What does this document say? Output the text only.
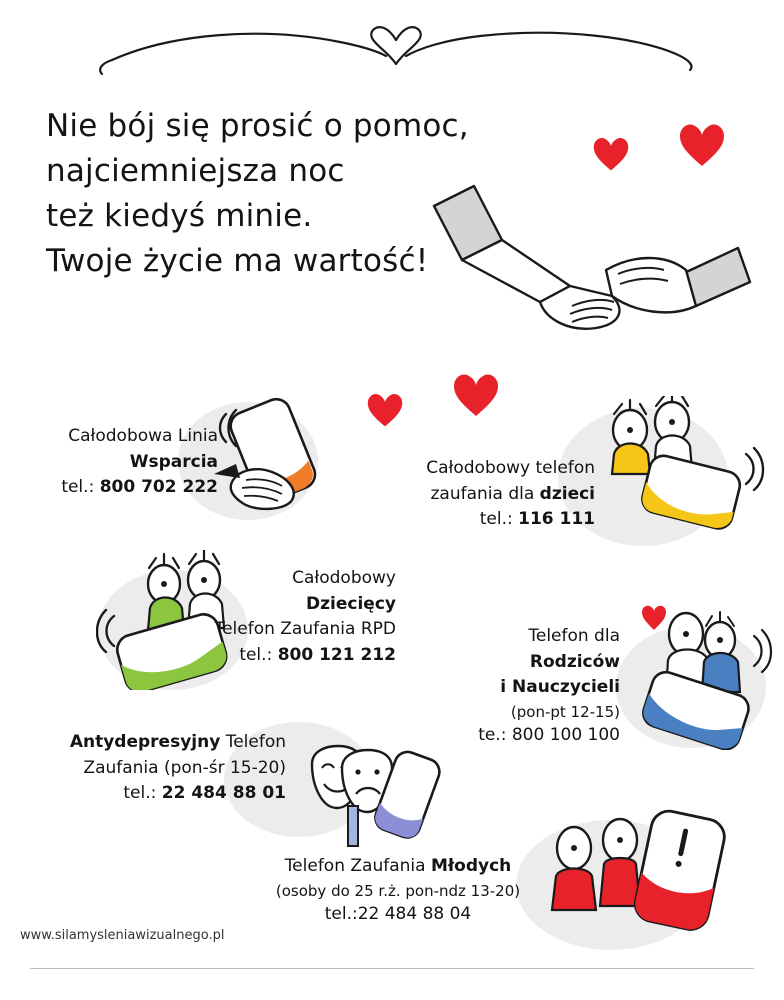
Nie bój się prosić o pomoc,
najciemniejsza noc
też kiedyś minie.
Twoje życie ma wartość!
Całodobowa Linia
Wsparcia
tel.: 800 702 222
Całodobowy telefon
zaufania dla dzieci
tel.: 116 111
Całodobowy
Dziecięcy
Telefon Zaufania RPD
tel.: 800 121 212
Telefon dla
Rodziców
i Nauczycieli
(pon-pt 12-15)
te.: 800 100 100
Antydepresyjny Telefon
Zaufania (pon-śr 15-20)
tel.: 22 484 88 01
Telefon Zaufania Młodych
(osoby do 25 r.ż. pon-ndz 13-20)
tel.:22 484 88 04
www.silamysleniawizualnego.pl
